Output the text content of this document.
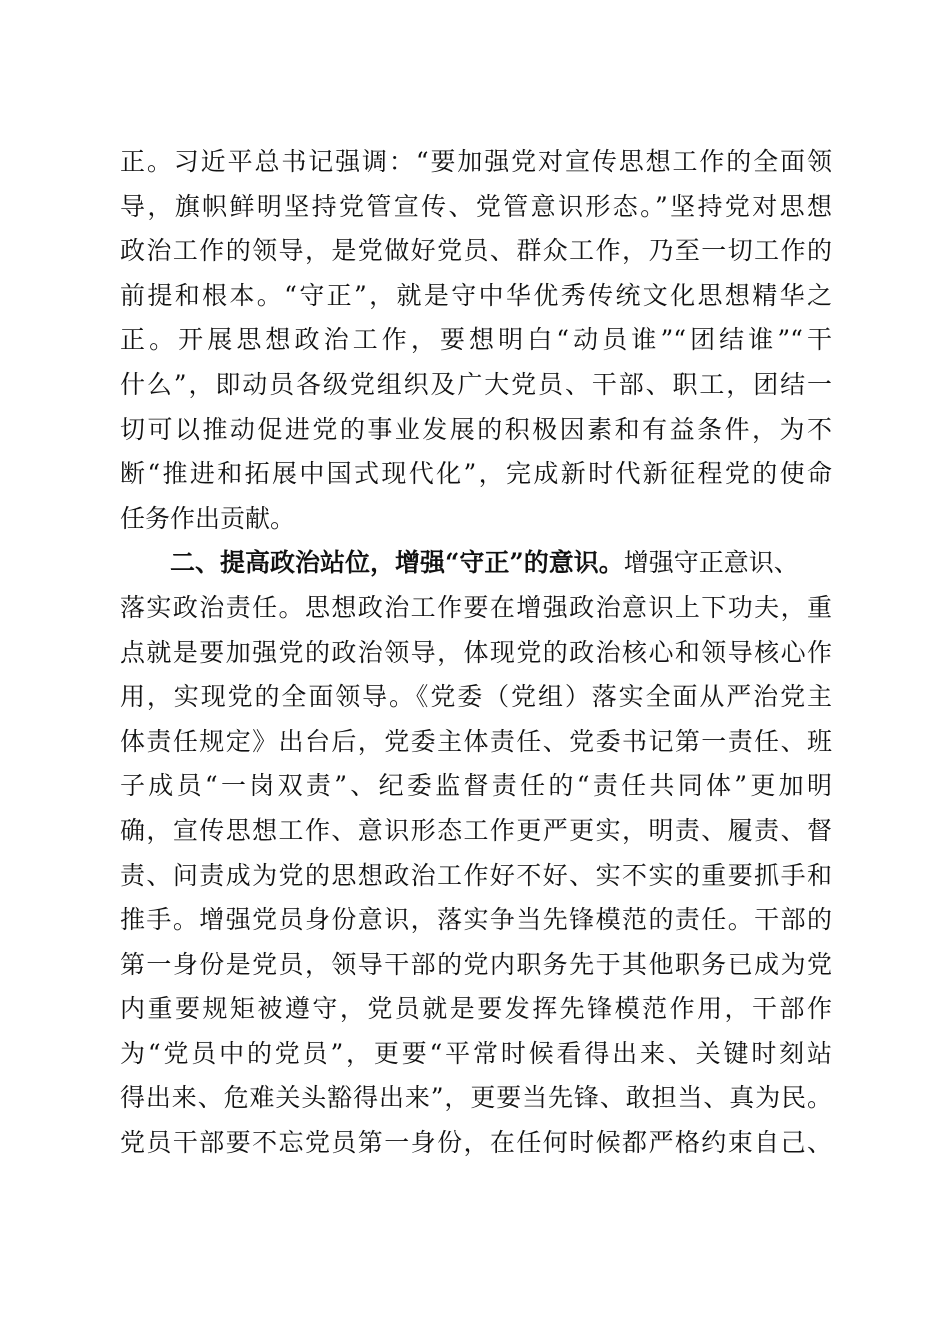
正。习近平总书记强调：“要加强党对宣传思想工作的全面领
导，旗帜鲜明坚持党管宣传、党管意识形态。”坚持党对思想
政治工作的领导，是党做好党员、群众工作，乃至一切工作的
前提和根本。“守正”，就是守中华优秀传统文化思想精华之
正。开展思想政治工作，要想明白“动员谁”“团结谁”“干
什么”，即动员各级党组织及广大党员、干部、职工，团结一
切可以推动促进党的事业发展的积极因素和有益条件，为不
断“推进和拓展中国式现代化”，完成新时代新征程党的使命
任务作出贡献。
二、提高政治站位，增强“守正”的意识。增强守正意识、
落实政治责任。思想政治工作要在增强政治意识上下功夫，重
点就是要加强党的政治领导，体现党的政治核心和领导核心作
用，实现党的全面领导。《党委（党组）落实全面从严治党主
体责任规定》出台后，党委主体责任、党委书记第一责任、班
子成员“一岗双责”、纪委监督责任的“责任共同体”更加明
确，宣传思想工作、意识形态工作更严更实，明责、履责、督
责、问责成为党的思想政治工作好不好、实不实的重要抓手和
推手。增强党员身份意识，落实争当先锋模范的责任。干部的
第一身份是党员，领导干部的党内职务先于其他职务已成为党
内重要规矩被遵守，党员就是要发挥先锋模范作用，干部作
为“党员中的党员”，更要“平常时候看得出来、关键时刻站
得出来、危难关头豁得出来”，更要当先锋、敢担当、真为民。
党员干部要不忘党员第一身份，在任何时候都严格约束自己、
